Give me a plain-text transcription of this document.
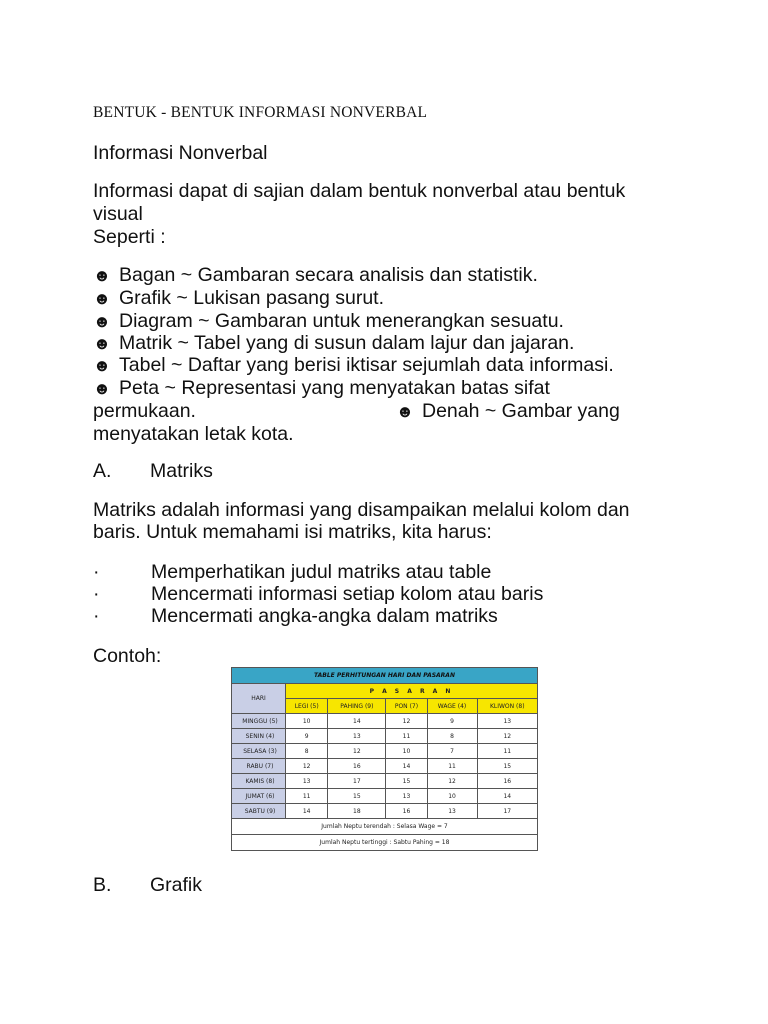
BENTUK - BENTUK INFORMASI NONVERBAL

Informasi Nonverbal

Informasi dapat di sajian dalam bentuk nonverbal atau bentuk

visual

Seperti :

☻ Bagan ~ Gambaran secara analisis dan statistik.

☻ Grafik ~ Lukisan pasang surut.

☻ Diagram ~ Gambaran untuk menerangkan sesuatu.

☻ Matrik ~ Tabel yang di susun dalam lajur dan jajaran.

☻ Tabel ~ Daftar yang berisi iktisar sejumlah data informasi.

☻ Peta ~ Representasi yang menyatakan batas sifat

permukaan.	☻ Denah ~ Gambar yang

menyatakan letak kota.

A. Matriks

Matriks adalah informasi yang disampaikan melalui kolom dan

baris. Untuk memahami isi matriks, kita harus:

·	Memperhatikan judul matriks atau table

·	Mencermati informasi setiap kolom atau baris

·	Mencermati angka-angka dalam matriks

Contoh:

TABLE PERHITUNGAN HARI DAN PASARAN					
HARI	P A S A R A N				
	LEGI (5)	PAHING (9)	PON (7)	WAGE (4)	KLIWON (8)
MINGGU (5)	10	14	12	9	13
SENIN (4)	9	13	11	8	12
SELASA (3)	8	12	10	7	11
RABU (7)	12	16	14	11	15
KAMIS (8)	13	17	15	12	16
JUMAT (6)	11	15	13	10	14
SABTU (9)	14	18	16	13	17
Jumlah Neptu terendah : Selasa Wage = 7					
Jumlah Neptu tertinggi : Sabtu Pahing = 18					

B. Grafik
